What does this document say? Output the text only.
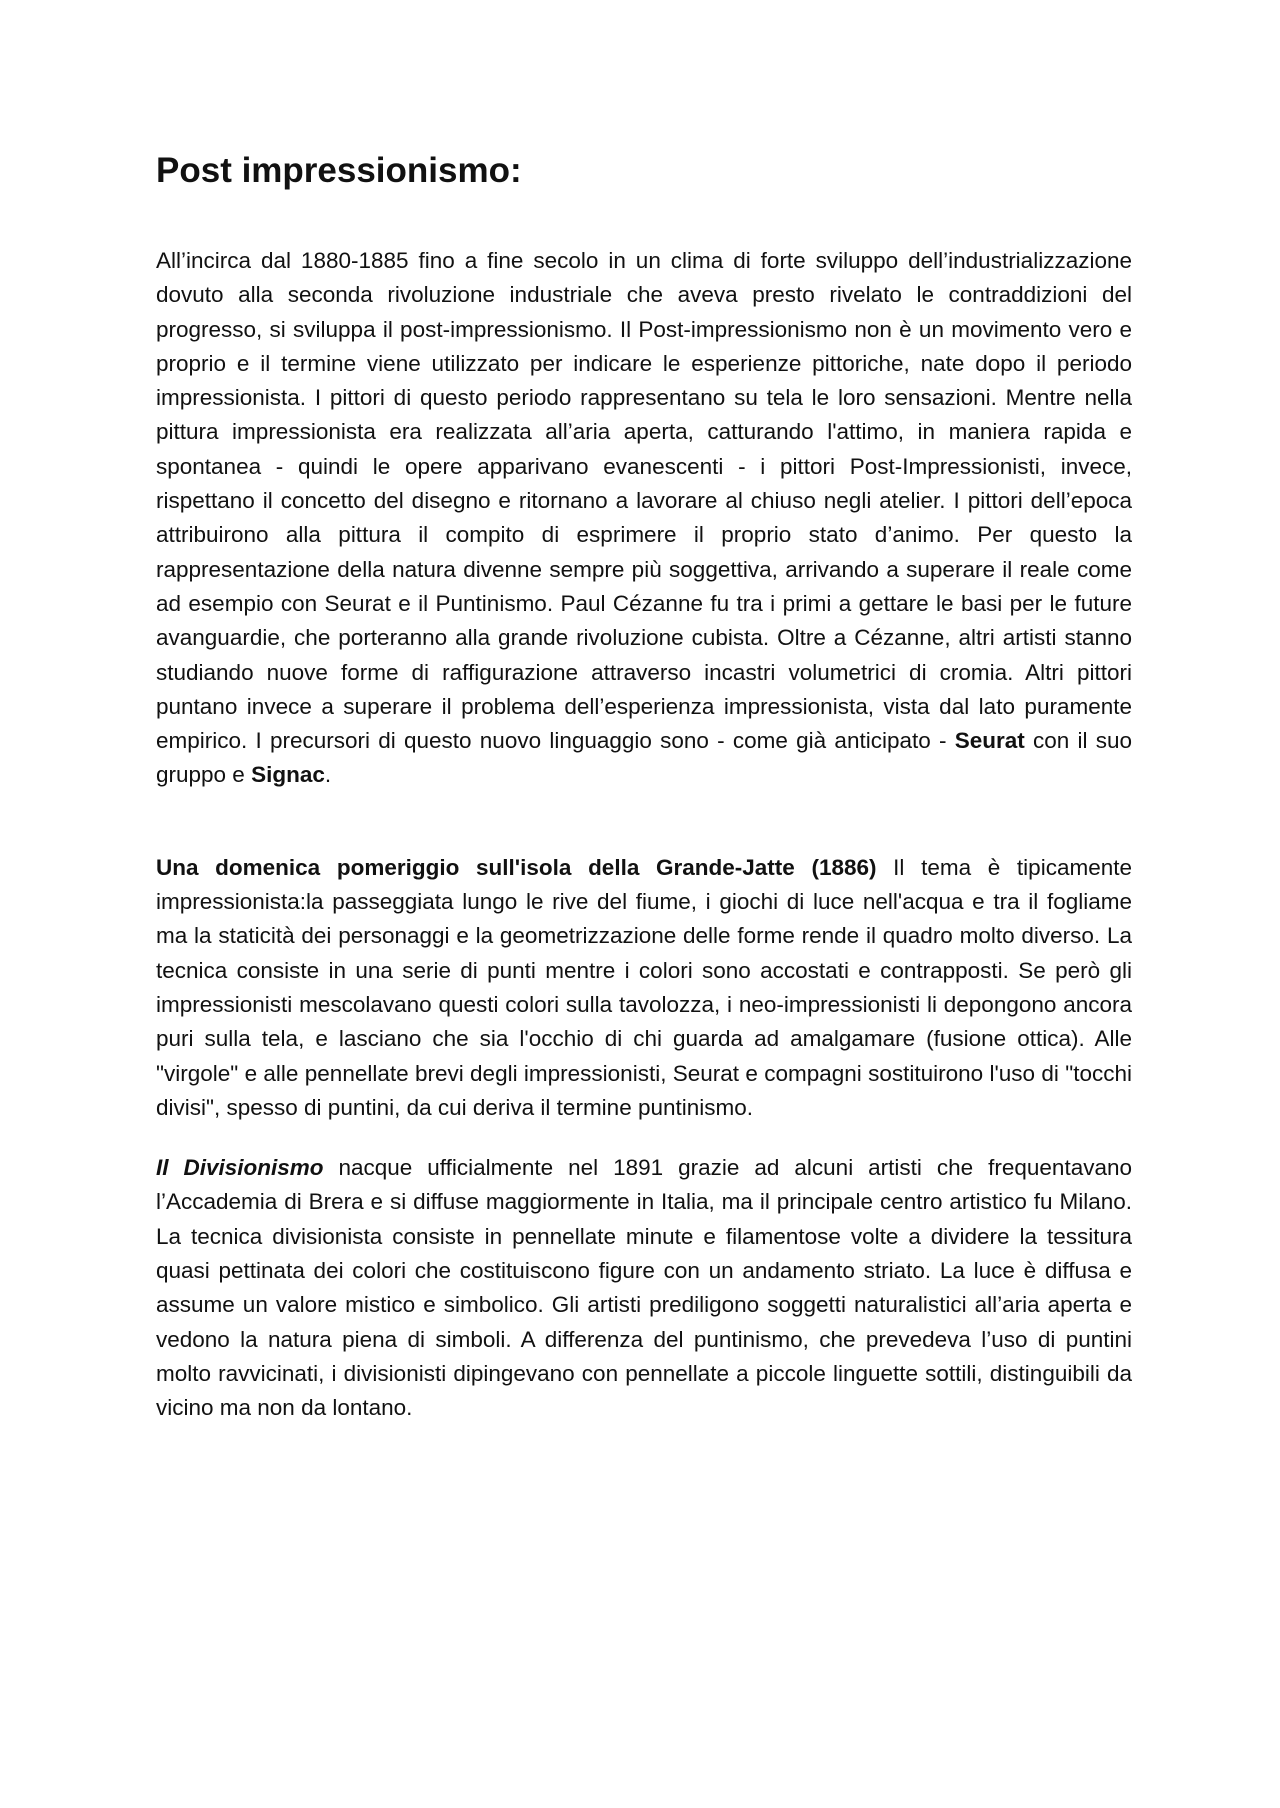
Post impressionismo:

All’incirca dal 1880-1885 fino a fine secolo in un clima di forte sviluppo dell’industrializzazione dovuto alla seconda rivoluzione industriale che aveva presto rivelato le contraddizioni del progresso, si sviluppa il post-impressionismo. Il Post-impressionismo non è un movimento vero e proprio e il termine viene utilizzato per indicare le esperienze pittoriche, nate dopo il periodo impressionista. I pittori di questo periodo rappresentano su tela le loro sensazioni. Mentre nella pittura impressionista era realizzata all’aria aperta, catturando l'attimo, in maniera rapida e spontanea - quindi le opere apparivano evanescenti - i pittori Post-Impressionisti, invece, rispettano il concetto del disegno e ritornano a lavorare al chiuso negli atelier. I pittori dell’epoca attribuirono alla pittura il compito di esprimere il proprio stato d’animo. Per questo la rappresentazione della natura divenne sempre più soggettiva, arrivando a superare il reale come ad esempio con Seurat e il Puntinismo. Paul Cézanne fu tra i primi a gettare le basi per le future avanguardie, che porteranno alla grande rivoluzione cubista. Oltre a Cézanne, altri artisti stanno studiando nuove forme di raffigurazione attraverso incastri volumetrici di cromia. Altri pittori puntano invece a superare il problema dell’esperienza impressionista, vista dal lato puramente empirico. I precursori di questo nuovo linguaggio sono - come già anticipato - Seurat con il suo gruppo e Signac.

Una domenica pomeriggio sull'isola della Grande-Jatte (1886) Il tema è tipicamente impressionista:la passeggiata lungo le rive del fiume, i giochi di luce nell'acqua e tra il fogliame ma la staticità dei personaggi e la geometrizzazione delle forme rende il quadro molto diverso. La tecnica consiste in una serie di punti mentre i colori sono accostati e contrapposti. Se però gli impressionisti mescolavano questi colori sulla tavolozza, i neo-impressionisti li depongono ancora puri sulla tela, e lasciano che sia l'occhio di chi guarda ad amalgamare (fusione ottica). Alle "virgole" e alle pennellate brevi degli impressionisti, Seurat e compagni sostituirono l'uso di "tocchi divisi", spesso di puntini, da cui deriva il termine puntinismo.

Il Divisionismo nacque ufficialmente nel 1891 grazie ad alcuni artisti che frequentavano l’Accademia di Brera e si diffuse maggiormente in Italia, ma il principale centro artistico fu Milano. La tecnica divisionista consiste in pennellate minute e filamentose volte a dividere la tessitura quasi pettinata dei colori che costituiscono figure con un andamento striato. La luce è diffusa e assume un valore mistico e simbolico. Gli artisti prediligono soggetti naturalistici all’aria aperta e vedono la natura piena di simboli. A differenza del puntinismo, che prevedeva l’uso di puntini molto ravvicinati, i divisionisti dipingevano con pennellate a piccole linguette sottili, distinguibili da vicino ma non da lontano.
